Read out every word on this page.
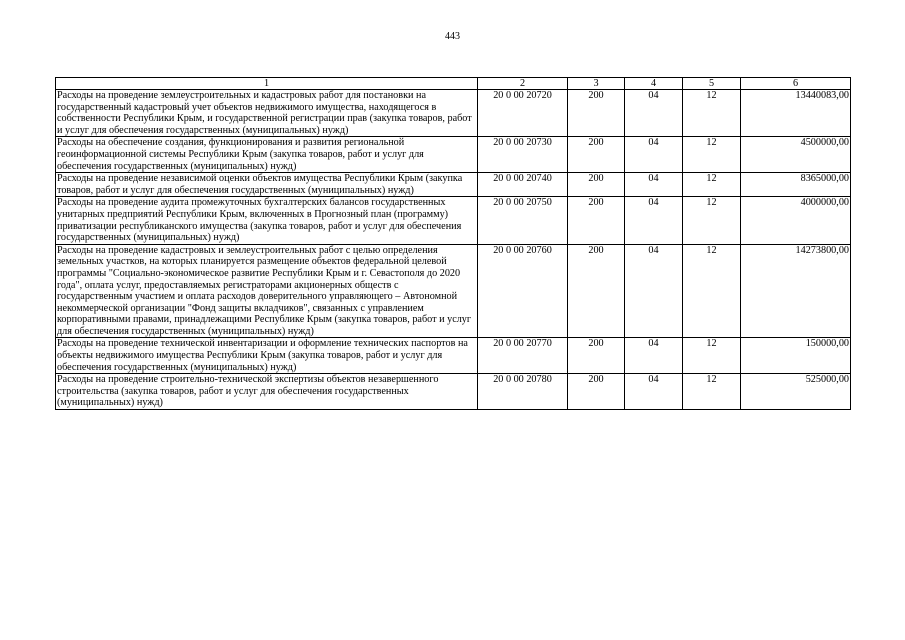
443
1	2	3	4	5	6
Расходы на проведение землеустроительных и кадастровых работ для постановки на государственный кадастровый учет объектов недвижимого имущества, находящегося в собственности Республики Крым, и государственной регистрации прав (закупка товаров, работ и услуг для обеспечения государственных (муниципальных) нужд)	20 0 00 20720	200	04	12	13440083,00
Расходы на обеспечение создания, функционирования и развития региональной геоинформационной системы Республики Крым (закупка товаров, работ и услуг для обеспечения государственных (муниципальных) нужд)	20 0 00 20730	200	04	12	4500000,00
Расходы на проведение независимой оценки объектов имущества Республики Крым (закупка товаров, работ и услуг для обеспечения государственных (муниципальных) нужд)	20 0 00 20740	200	04	12	8365000,00
Расходы на проведение аудита промежуточных бухгалтерских балансов государственных унитарных предприятий Республики Крым, включенных в Прогнозный план (программу) приватизации республиканского имущества (закупка товаров, работ и услуг для обеспечения государственных (муниципальных) нужд)	20 0 00 20750	200	04	12	4000000,00
Расходы на проведение кадастровых и землеустроительных работ с целью определения земельных участков, на которых планируется размещение объектов федеральной целевой программы "Социально-экономическое развитие Республики Крым и г. Севастополя до 2020 года", оплата услуг, предоставляемых регистраторами акционерных обществ с государственным участием и оплата расходов доверительного управляющего – Автономной некоммерческой организации "Фонд защиты вкладчиков", связанных с управлением корпоративными правами, принадлежащими Республике Крым (закупка товаров, работ и услуг для обеспечения государственных (муниципальных) нужд)	20 0 00 20760	200	04	12	14273800,00
Расходы на проведение технической инвентаризации и оформление технических паспортов на объекты недвижимого имущества Республики Крым (закупка товаров, работ и услуг для обеспечения государственных (муниципальных) нужд)	20 0 00 20770	200	04	12	150000,00
Расходы на проведение строительно-технической экспертизы объектов незавершенного строительства (закупка товаров, работ и услуг для обеспечения государственных (муниципальных) нужд)	20 0 00 20780	200	04	12	525000,00
